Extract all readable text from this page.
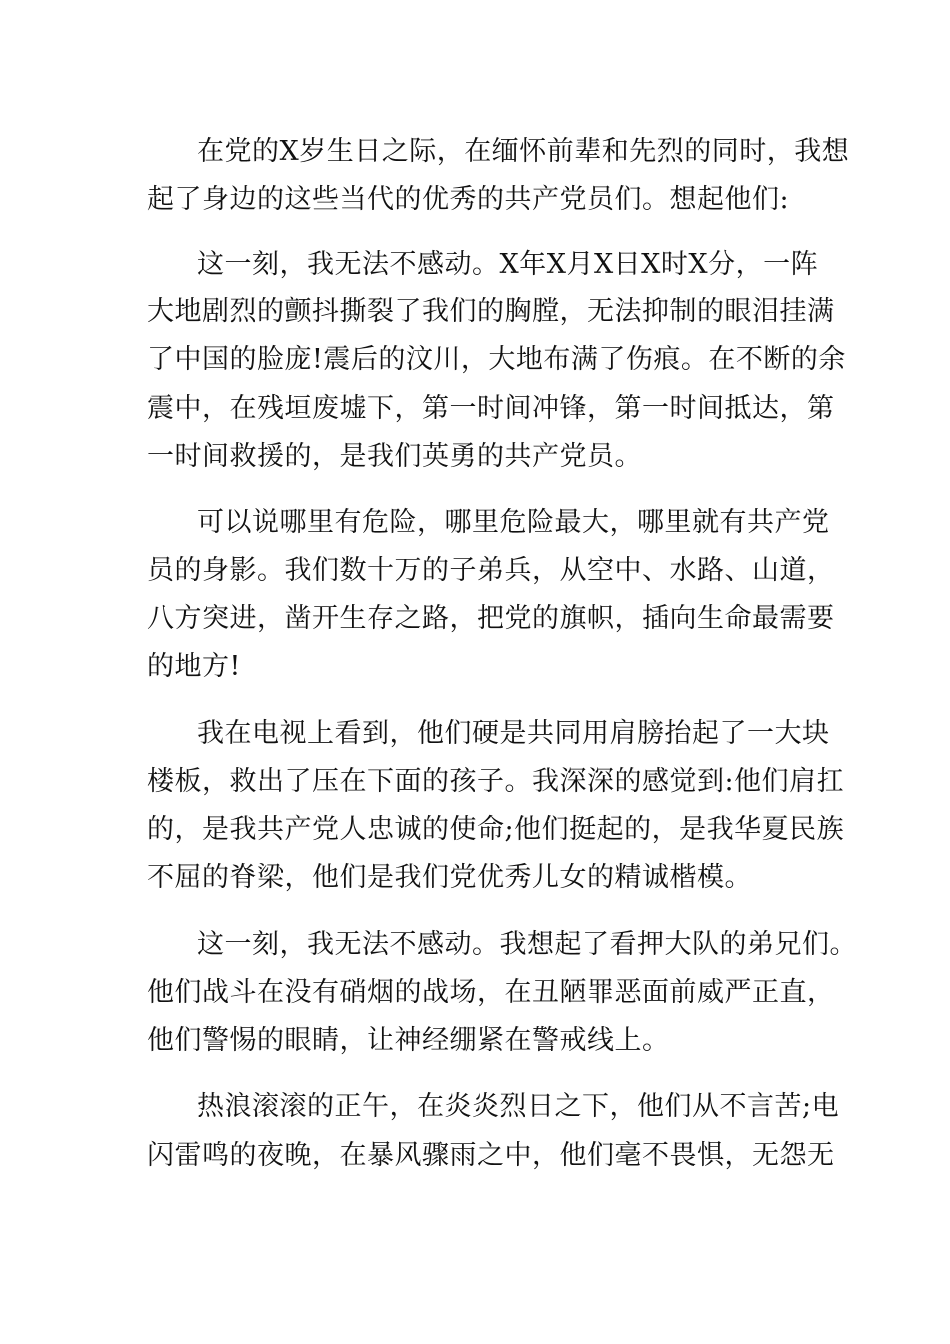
在党的X岁生日之际，在缅怀前辈和先烈的同时，我想

起了身边的这些当代的优秀的共产党员们。想起他们:

这一刻，我无法不感动。X年X月X日X时X分，一阵

大地剧烈的颤抖撕裂了我们的胸膛，无法抑制的眼泪挂满

了中国的脸庞!震后的汶川，大地布满了伤痕。在不断的余

震中，在残垣废墟下，第一时间冲锋，第一时间抵达，第

一时间救援的，是我们英勇的共产党员。

可以说哪里有危险，哪里危险最大，哪里就有共产党

员的身影。我们数十万的子弟兵，从空中、水路、山道，

八方突进，凿开生存之路，把党的旗帜，插向生命最需要

的地方!

我在电视上看到，他们硬是共同用肩膀抬起了一大块

楼板，救出了压在下面的孩子。我深深的感觉到:他们肩扛

的，是我共产党人忠诚的使命;他们挺起的，是我华夏民族

不屈的脊梁，他们是我们党优秀儿女的精诚楷模。

这一刻，我无法不感动。我想起了看押大队的弟兄们。

他们战斗在没有硝烟的战场，在丑陋罪恶面前威严正直，

他们警惕的眼睛，让神经绷紧在警戒线上。

热浪滚滚的正午，在炎炎烈日之下，他们从不言苦;电

闪雷鸣的夜晚，在暴风骤雨之中，他们毫不畏惧，无怨无
